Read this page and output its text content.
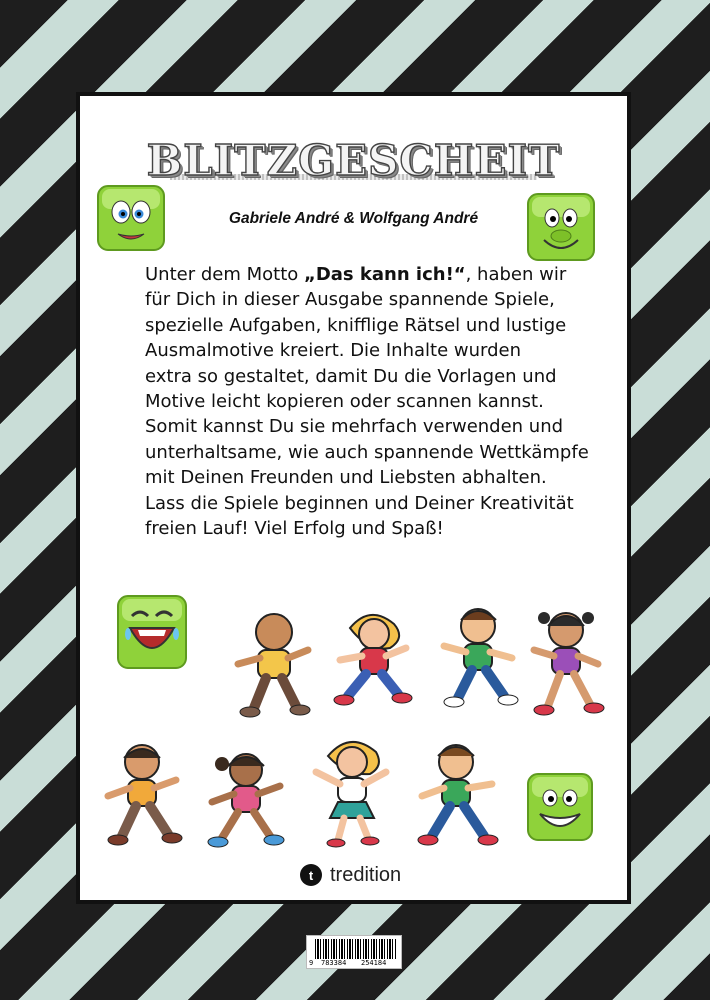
BLITZGESCHEIT
Gabriele André & Wolfgang André

Unter dem Motto „Das kann ich!“, haben wir

für Dich in dieser Ausgabe spannende Spiele,

spezielle Aufgaben, knifflige Rätsel und lustige

Ausmalmotive kreiert. Die Inhalte wurden

extra so gestaltet, damit Du die Vorlagen und

Motive leicht kopieren oder scannen kannst.

Somit kannst Du sie mehrfach verwenden und

unterhaltsame, wie auch spannende Wettkämpfe

mit Deinen Freunden und Liebsten abhalten.

Lass die Spiele beginnen und Deiner Kreativität

freien Lauf! Viel Erfolg und Spaß!

t tredition
9 783384 254184
